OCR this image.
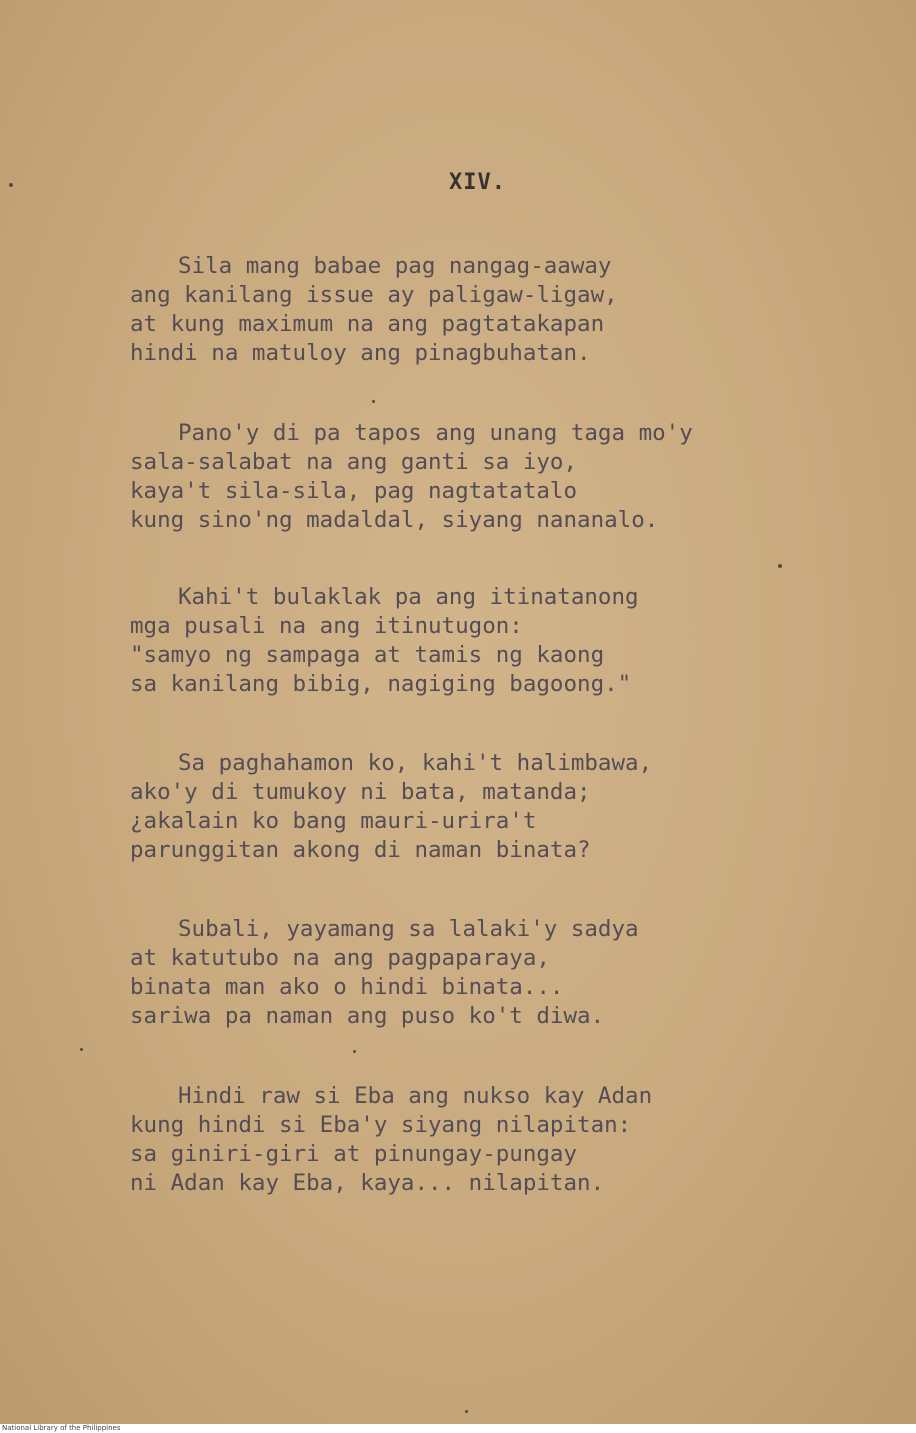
XIV.
Sila mang babae pag nangag-aaway
ang kanilang issue ay paligaw-ligaw,
at kung maximum na ang pagtatakapan
hindi na matuloy ang pinagbuhatan.
Pano'y di pa tapos ang unang taga mo'y
sala-salabat na ang ganti sa iyo,
kaya't sila-sila, pag nagtatatalo
kung sino'ng madaldal, siyang nananalo.
Kahi't bulaklak pa ang itinatanong
mga pusali na ang itinutugon:
"samyo ng sampaga at tamis ng kaong
sa kanilang bibig, nagiging bagoong."
Sa paghahamon ko, kahi't halimbawa,
ako'y di tumukoy ni bata, matanda;
¿akalain ko bang mauri-urira't
parunggitan akong di naman binata?
Subali, yayamang sa lalaki'y sadya
at katutubo na ang pagpaparaya,
binata man ako o hindi binata...
sariwa pa naman ang puso ko't diwa.
Hindi raw si Eba ang nukso kay Adan
kung hindi si Eba'y siyang nilapitan:
sa giniri-giri at pinungay-pungay
ni Adan kay Eba, kaya... nilapitan.
National Library of the Philippines
